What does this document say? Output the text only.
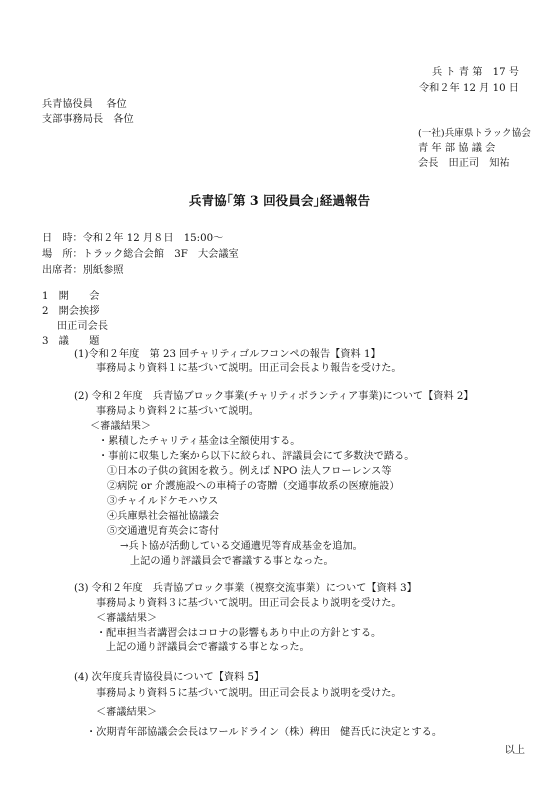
兵 ト 青 第　17 号
令和２年 12 月 10 日
兵青協役員　 各位
支部事務局長　各位
(一社)兵庫県トラック協会
青 年 部 協 議 会
会長　田正司　知祐
兵青協｢第 3 回役員会｣経過報告
日　時：令和２年 12 月８日　15:00～
場　所：トラック総合会館　3F　大会議室
出席者：別紙参照
1　開　　会
2　開会挨拶
田正司会長
3　議　　題
(1)令和２年度　第 23 回チャリティゴルフコンペの報告【資料 1】
事務局より資料１に基づいて説明。田正司会長より報告を受けた。
(2) 令和２年度　兵青協ブロック事業(チャリティボランティア事業)について【資料 2】
事務局より資料２に基づいて説明。
＜審議結果＞
・累積したチャリティ基金は全額使用する。
・事前に収集した案から以下に絞られ、評議員会にて多数決で踏る。
①日本の子供の貧困を救う。例えば NPO 法人フローレンス等
②病院 or 介護施設への車椅子の寄贈（交通事故系の医療施設）
③チャイルドケモハウス
④兵庫県社会福祉協議会
⑤交通遺児育英会に寄付
→兵ト協が活動している交通遺児等育成基金を追加。
上記の通り評議員会で審議する事となった。
(3) 令和２年度　兵青協ブロック事業（視察交流事業）について【資料 3】
事務局より資料３に基づいて説明。田正司会長より説明を受けた。
＜審議結果＞
・配車担当者講習会はコロナの影響もあり中止の方針とする。
上記の通り評議員会で審議する事となった。
(4) 次年度兵青協役員について【資料 5】
事務局より資料５に基づいて説明。田正司会長より説明を受けた。
＜審議結果＞
・次期青年部協議会会長はワールドライン（株）稗田　健吾氏に決定とする。
以上
